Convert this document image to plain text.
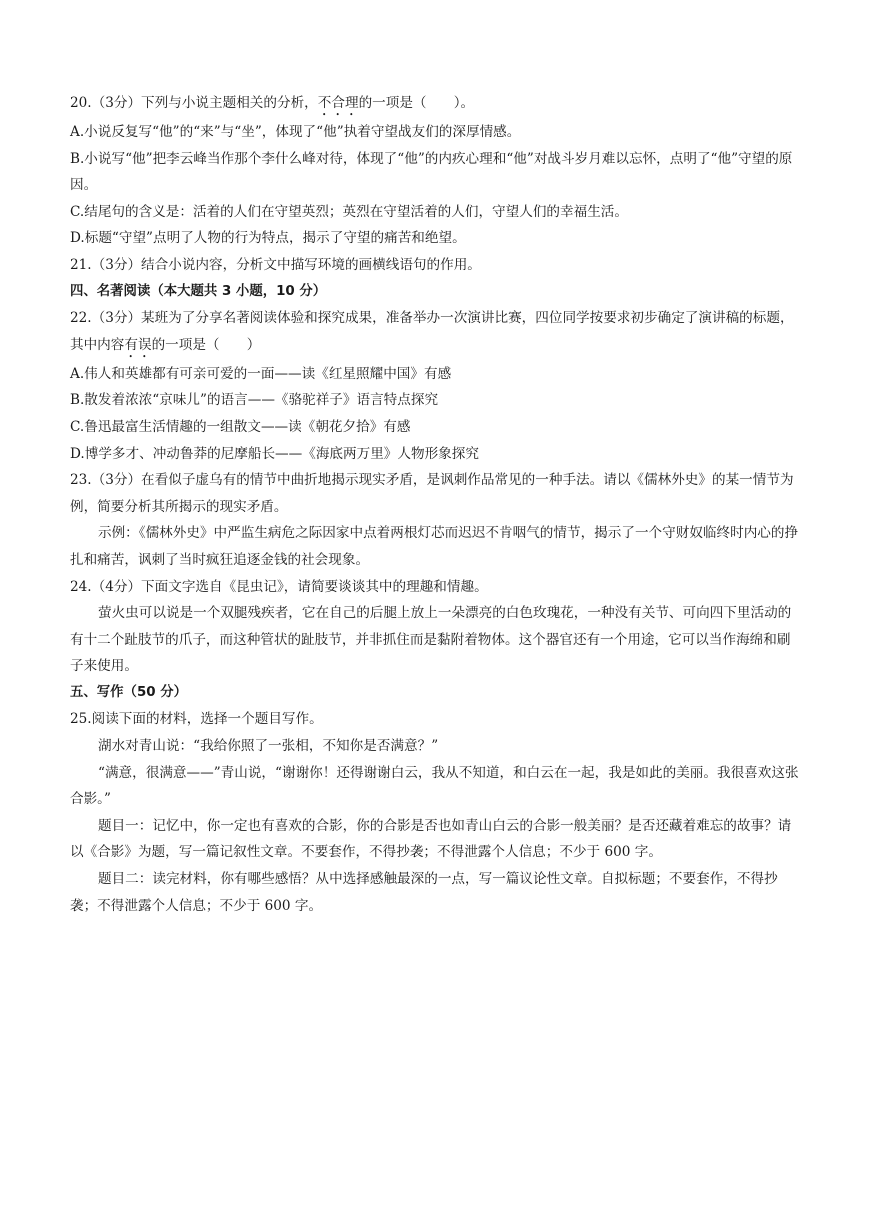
20.（3分）下列与小说主题相关的分析，不合理的一项是（　　）。

A.小说反复写“他”的“来”与“坐”，体现了“他”执着守望战友们的深厚情感。

B.小说写“他”把李云峰当作那个李什么峰对待，体现了“他”的内疚心理和“他”对战斗岁月难以忘怀，点明了“他”守望的原因。

C.结尾句的含义是：活着的人们在守望英烈；英烈在守望活着的人们，守望人们的幸福生活。

D.标题“守望”点明了人物的行为特点，揭示了守望的痛苦和绝望。

21.（3分）结合小说内容，分析文中描写环境的画横线语句的作用。

四、名著阅读（本大题共 3 小题，10 分）

22.（3分）某班为了分享名著阅读体验和探究成果，准备举办一次演讲比赛，四位同学按要求初步确定了演讲稿的标题，其中内容有误的一项是（　　）

A.伟人和英雄都有可亲可爱的一面——读《红星照耀中国》有感

B.散发着浓浓“京味儿”的语言——《骆驼祥子》语言特点探究

C.鲁迅最富生活情趣的一组散文——读《朝花夕拾》有感

D.博学多才、冲动鲁莽的尼摩船长——《海底两万里》人物形象探究

23.（3分）在看似子虚乌有的情节中曲折地揭示现实矛盾，是讽刺作品常见的一种手法。请以《儒林外史》的某一情节为例，简要分析其所揭示的现实矛盾。

示例：《儒林外史》中严监生病危之际因家中点着两根灯芯而迟迟不肯咽气的情节，揭示了一个守财奴临终时内心的挣扎和痛苦，讽刺了当时疯狂追逐金钱的社会现象。

24.（4分）下面文字选自《昆虫记》，请简要谈谈其中的理趣和情趣。

萤火虫可以说是一个双腿残疾者，它在自己的后腿上放上一朵漂亮的白色玫瑰花，一种没有关节、可向四下里活动的有十二个趾肢节的爪子，而这种管状的趾肢节，并非抓住而是黏附着物体。这个器官还有一个用途，它可以当作海绵和刷子来使用。

五、写作（50 分）

25.阅读下面的材料，选择一个题目写作。

湖水对青山说：“我给你照了一张相，不知你是否满意？”

“满意，很满意——”青山说，“谢谢你！还得谢谢白云，我从不知道，和白云在一起，我是如此的美丽。我很喜欢这张合影。”

题目一：记忆中，你一定也有喜欢的合影，你的合影是否也如青山白云的合影一般美丽？是否还藏着难忘的故事？请以《合影》为题，写一篇记叙性文章。不要套作，不得抄袭；不得泄露个人信息；不少于 600 字。

题目二：读完材料，你有哪些感悟？从中选择感触最深的一点，写一篇议论性文章。自拟标题；不要套作，不得抄袭；不得泄露个人信息；不少于 600 字。
